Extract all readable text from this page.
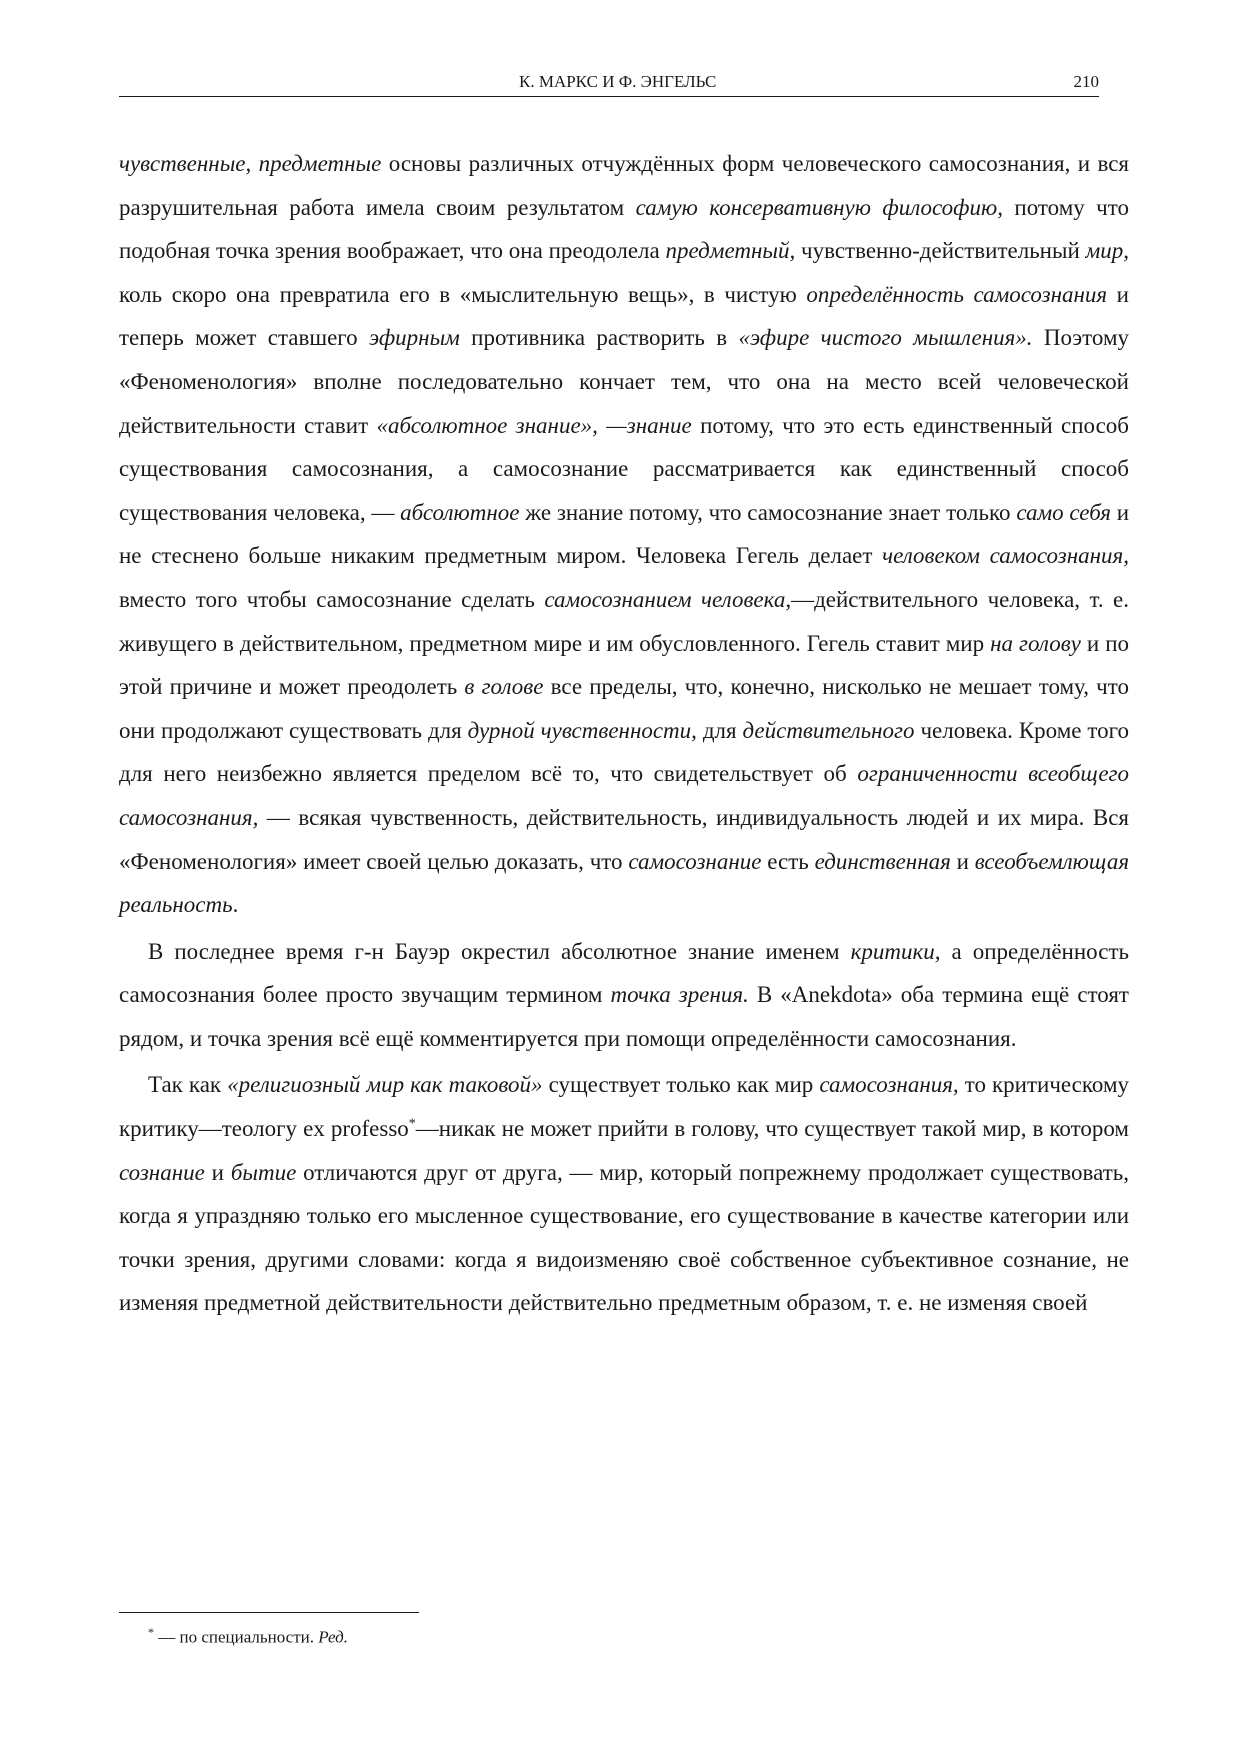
К. МАРКС И Ф. ЭНГЕЛЬС	210

чувственные, предметные основы различных отчуждённых форм человеческого самосознания, и вся разрушительная работа имела своим результатом самую консервативную философию, потому что подобная точка зрения воображает, что она преодолела предметный, чувственно-действительный мир, коль скоро она превратила его в «мыслительную вещь», в чистую определённость самосознания и теперь может ставшего эфирным противника растворить в «эфире чистого мышления». Поэтому «Феноменология» вполне последовательно кончает тем, что она на место всей человеческой действительности ставит «абсолютное знание», —знание потому, что это есть единственный способ существования самосознания, а самосознание рассматривается как единственный способ существования человека, — абсолютное же знание потому, что самосознание знает только само себя и не стеснено больше никаким предметным миром. Человека Гегель делает человеком самосознания, вместо того чтобы самосознание сделать самосознанием человека,—действительного человека, т. е. живущего в действительном, предметном мире и им обусловленного. Гегель ставит мир на голову и по этой причине и может преодолеть в голове все пределы, что, конечно, нисколько не мешает тому, что они продолжают существовать для дурной чувственности, для действительного человека. Кроме того для него неизбежно является пределом всё то, что свидетельствует об ограниченности всеобщего самосознания, — всякая чувственность, действительность, индивидуальность людей и их мира. Вся «Феноменология» имеет своей целью доказать, что самосознание есть единственная и всеобъемлющая реальность.

В последнее время г-н Бауэр окрестил абсолютное знание именем критики, а определённость самосознания более просто звучащим термином точка зрения. В «Anekdota» оба термина ещё стоят рядом, и точка зрения всё ещё комментируется при помощи определённости самосознания.

Так как «религиозный мир как таковой» существует только как мир самосознания, то критическому критику—теологу ex professo*—никак не может прийти в голову, что существует такой мир, в котором сознание и бытие отличаются друг от друга, — мир, который попрежнему продолжает существовать, когда я упраздняю только его мысленное существование, его существование в качестве категории или точки зрения, другими словами: когда я видоизменяю своё собственное субъективное сознание, не изменяя предметной действительности действительно предметным образом, т. е. не изменяя своей

* — по специальности. Ред.
